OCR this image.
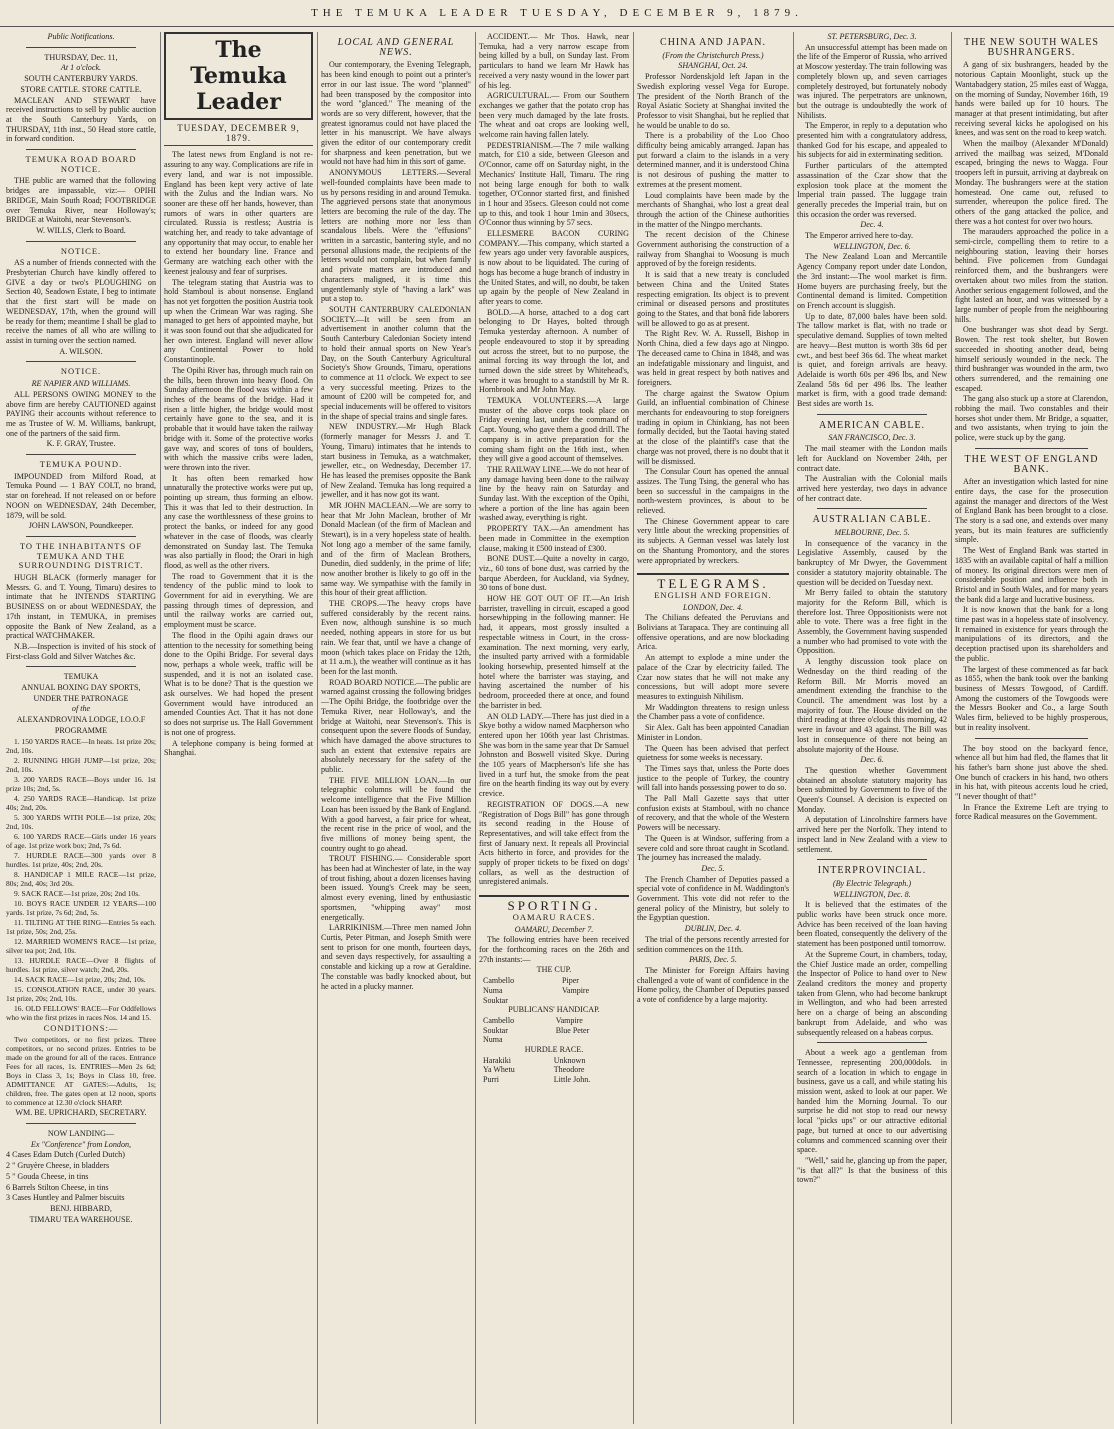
THE TEMUKA LEADER TUESDAY, DECEMBER 9, 1879.

Public Notifications.

THURSDAY, Dec. 11,

At 1 o'clock.

SOUTH CANTERBURY YARDS.

STORE CATTLE. STORE CATTLE.

MACLEAN AND STEWART have received instructions to sell by public auction at the South Canterbury Yards, on THURSDAY, 11th inst., 50 Head store cattle, in forward condition.

TEMUKA ROAD BOARD NOTICE.

THE public are warned that the following bridges are impassable, viz:— OPIHI BRIDGE, Main South Road; FOOTBRIDGE over Temuka River, near Holloway's; BRIDGE at Waitohi, near Stevenson's.

W. WILLS, Clerk to Board.

NOTICE.

AS a number of friends connected with the Presbyterian Church have kindly offered to GIVE a day or two's PLOUGHING on Section 40, Seadown Estate, I beg to intimate that the first start will be made on WEDNESDAY, 17th, when the ground will be ready for them; meantime I shall be glad to receive the names of all who are willing to assist in turning over the section named.

A. WILSON.

NOTICE.

RE NAPIER AND WILLIAMS.

ALL PERSONS OWING MONEY to the above firm are hereby CAUTIONED against PAYING their accounts without reference to me as Trustee of W. M. Williams, bankrupt, one of the partners of the said firm.

K. F. GRAY, Trustee.

TEMUKA POUND.

IMPOUNDED from Milford Road, at Temuka Pound — 1 BAY COLT, no brand, star on forehead. If not released on or before NOON on WEDNESDAY, 24th December, 1879, will be sold.

JOHN LAWSON, Poundkeeper.

TO THE INHABITANTS OF TEMUKA AND THE SURROUNDING DISTRICT.

HUGH BLACK (formerly manager for Messrs. G. and T. Young, Timaru) desires to intimate that he INTENDS STARTING BUSINESS on or about WEDNESDAY, the 17th instant, in TEMUKA, in premises opposite the Bank of New Zealand, as a practical WATCHMAKER.

N.B.—Inspection is invited of his stock of First-class Gold and Silver Watches &c.

TEMUKA

ANNUAL BOXING DAY SPORTS,

UNDER THE PATRONAGE

of the

ALEXANDROVINA LODGE, I.O.O.F

PROGRAMME

1. 150 YARDS RACE—In heats. 1st prize 20s; 2nd, 10s.

2. RUNNING HIGH JUMP—1st prize, 20s; 2nd, 10s.

3. 200 YARDS RACE—Boys under 16. 1st prize 10s; 2nd, 5s.

4. 250 YARDS RACE—Handicap. 1st prize 40s; 2nd, 20s.

5. 300 YARDS WITH POLE—1st prize, 20s; 2nd, 10s.

6. 100 YARDS RACE—Girls under 16 years of age. 1st prize work box; 2nd, 7s 6d.

7. HURDLE RACE—300 yards over 8 hurdles. 1st prize, 40s; 2nd, 20s.

8. HANDICAP 1 MILE RACE—1st prize, 80s; 2nd, 40s; 3rd 20s.

9. SACK RACE—1st prize, 20s; 2nd 10s.

10. BOYS RACE UNDER 12 YEARS—100 yards. 1st prize, 7s 6d; 2nd, 5s.

11. TILTING AT THE RING—Entries 5s each. 1st prize, 50s; 2nd, 25s.

12. MARRIED WOMEN'S RACE—1st prize, silver tea pot; 2nd, 10s.

13. HURDLE RACE—Over 8 flights of hurdles. 1st prize, silver watch; 2nd, 20s.

14. SACK RACE—1st prize, 20s; 2nd, 10s.

15. CONSOLATION RACE, under 30 years. 1st prize, 20s; 2nd, 10s.

16. OLD FELLOWS' RACE—For Oddfellows who win the first prizes in races Nos. 14 and 15.

CONDITIONS:—

Two competitors, or no first prizes. Three competitors, or no second prizes. Entries to be made on the ground for all of the races. Entrance Fees for all races, 1s. ENTRIES—Men 2s 6d; Boys in Class 3, 1s; Boys in Class 10, free. ADMITTANCE AT GATES:—Adults, 1s; children, free. The gates open at 12 noon, sports to commence at 12.30 o'clock SHARP.

WM. BE. UPRICHARD, SECRETARY.

NOW LANDING—

Ex "Conference" from London,

4 Cases Edam Dutch (Curled Dutch)

2 " Gruyère Cheese, in bladders

5 " Gouda Cheese, in tins

6 Barrels Stilton Cheese, in tins

3 Cases Huntley and Palmer biscuits

BENJ. HIBBARD,

TIMARU TEA WAREHOUSE.

The Temuka Leader
TUESDAY, DECEMBER 9, 1879.

The latest news from England is not re-assuring to any way. Complications are rife in every land, and war is not impossible. England has been kept very active of late with the Zulus and the Indian wars. No sooner are these off her hands, however, than rumors of wars in other quarters are circulated. Russia is restless; Austria is watching her, and ready to take advantage of any opportunity that may occur, to enable her to extend her boundary line. France and Germany are watching each other with the keenest jealousy and fear of surprises.

The telegram stating that Austria was to hold Stamboul is about nonsense. England has not yet forgotten the position Austria took up when the Crimean War was raging. She managed to get hers of appointed mayhe, but it was soon found out that she adjudicated for her own interest. England will never allow any Continental Power to hold Constantinople.

The Opihi River has, through much rain on the hills, been thrown into heavy flood. On Sunday afternoon the flood was within a few inches of the beams of the bridge. Had it risen a little higher, the bridge would most certainly have gone to the sea, and it is probable that it would have taken the railway bridge with it. Some of the protective works gave way, and scores of tons of boulders, with which the massive cribs were laden, were thrown into the river.

It has often been remarked how unnaturally the protective works were put up, pointing up stream, thus forming an elbow. This it was that led to their destruction. In any case the worthlessness of these groins to protect the banks, or indeed for any good whatever in the case of floods, was clearly demonstrated on Sunday last. The Temuka was also partially in flood; the Orari in high flood, as well as the other rivers.

The road to Government that it is the tendency of the public mind to look to Government for aid in everything. We are passing through times of depression, and until the railway works are carried out, employment must be scarce.

The flood in the Opihi again draws our attention to the necessity for something being done to the Opihi Bridge. For several days now, perhaps a whole week, traffic will be suspended, and it is not an isolated case. What is to be done? That is the question we ask ourselves. We had hoped the present Government would have introduced an amended Counties Act. That it has not done so does not surprise us. The Hall Government is not one of progress.

A telephone company is being formed at Shanghai.

LOCAL AND GENERAL NEWS.

Our contemporary, the Evening Telegraph, has been kind enough to point out a printer's error in our last issue. The word "planned" had been transposed by the compositor into the word "glanced." The meaning of the words are so very different, however, that the greatest ignoramus could not have placed the letter in his manuscript. We have always given the editor of our contemporary credit for sharpness and keen penetration, but we would not have had him in this sort of game.

ANONYMOUS LETTERS.—Several well-founded complaints have been made to us by persons residing in and around Temuka. The aggrieved persons state that anonymous letters are becoming the rule of the day. The letters are nothing more nor less than scandalous libels. Were the "effusions" written in a sarcastic, bantering style, and no personal allusions made, the recipients of the letters would not complain, but when family and private matters are introduced and characters maligned, it is time this ungentlemanly style of "having a lark" was put a stop to.

SOUTH CANTERBURY CALEDONIAN SOCIETY.—It will be seen from an advertisement in another column that the South Canterbury Caledonian Society intend to hold their annual sports on New Year's Day, on the South Canterbury Agricultural Society's Show Grounds, Timaru, operations to commence at 11 o'clock. We expect to see a very successful meeting. Prizes to the amount of £200 will be competed for, and special inducements will be offered to visitors in the shape of special trains and single fares.

NEW INDUSTRY.—Mr Hugh Black (formerly manager for Messrs J. and T. Young, Timaru) intimates that he intends to start business in Temuka, as a watchmaker, jeweller, etc., on Wednesday, December 17. He has leased the premises opposite the Bank of New Zealand. Temuka has long required a jeweller, and it has now got its want.

MR JOHN MACLEAN.—We are sorry to hear that Mr John Maclean, brother of Mr Donald Maclean (of the firm of Maclean and Stewart), is in a very hopeless state of health. Not long ago a member of the same family, and of the firm of Maclean Brothers, Dunedin, died suddenly, in the prime of life; now another brother is likely to go off in the same way. We sympathise with the family in this hour of their great affliction.

THE CROPS.—The heavy crops have suffered considerably by the recent rains. Even now, although sunshine is so much needed, nothing appears in store for us but rain. We fear that, until we have a change of moon (which takes place on Friday the 12th, at 11 a.m.), the weather will continue as it has been for the last month.

ROAD BOARD NOTICE.—The public are warned against crossing the following bridges—The Opihi Bridge, the footbridge over the Temuka River, near Holloway's, and the bridge at Waitohi, near Stevenson's. This is consequent upon the severe floods of Sunday, which have damaged the above structures to such an extent that extensive repairs are absolutely necessary for the safety of the public.

THE FIVE MILLION LOAN.—In our telegraphic columns will be found the welcome intelligence that the Five Million Loan has been issued by the Bank of England. With a good harvest, a fair price for wheat, the recent rise in the price of wool, and the five millions of money being spent, the country ought to go ahead.

TROUT FISHING.— Considerable sport has been had at Winchester of late, in the way of trout fishing, about a dozen licenses having been issued. Young's Creek may be seen, almost every evening, lined by enthusiastic sportsmen, "whipping away" most energetically.

LARRIKINISM.—Three men named John Curtis, Peter Pitman, and Joseph Smith were sent to prison for one month, fourteen days, and seven days respectively, for assaulting a constable and kicking up a row at Geraldine. The constable was badly knocked about, but he acted in a plucky manner.

ACCIDENT.— Mr Thos. Hawk, near Temuka, had a very narrow escape from being killed by a bull, on Sunday last. From particulars to hand we learn Mr Hawk has received a very nasty wound in the lower part of his leg.

AGRICULTURAL.— From our Southern exchanges we gather that the potato crop has been very much damaged by the late frosts. The wheat and oat crops are looking well, welcome rain having fallen lately.

PEDESTRIANISM.—The 7 mile walking match, for £10 a side, between Gleeson and O'Connor, came off on Saturday night, in the Mechanics' Institute Hall, Timaru. The ring not being large enough for both to walk together, O'Connor started first, and finished in 1 hour and 35secs. Gleeson could not come up to this, and took 1 hour 1min and 30secs, O'Connor thus winning by 57 secs.

ELLESMERE BACON CURING COMPANY.—This company, which started a few years ago under very favorable auspices, is now about to be liquidated. The curing of hogs has become a huge branch of industry in the United States, and will, no doubt, be taken up again by the people of New Zealand in after years to come.

BOLD.—A horse, attached to a dog cart belonging to Dr Hayes, bolted through Temuka yesterday afternoon. A number of people endeavoured to stop it by spreading out across the street, but to no purpose, the animal forcing its way through the lot, and turned down the side street by Whitehead's, where it was brought to a standstill by Mr R. Hornbrook and Mr John May.

TEMUKA VOLUNTEERS.—A large muster of the above corps took place on Friday evening last, under the command of Capt. Young, who gave them a good drill. The company is in active preparation for the coming sham fight on the 16th inst., when they will give a good account of themselves.

THE RAILWAY LINE.—We do not hear of any damage having been done to the railway line by the heavy rain on Saturday and Sunday last. With the exception of the Opihi, where a portion of the line has again been washed away, everything is right.

PROPERTY TAX.—An amendment has been made in Committee in the exemption clause, making it £500 instead of £300.

BONE DUST.—Quite a novelty in cargo, viz., 60 tons of bone dust, was carried by the barque Aberdeen, for Auckland, via Sydney, 30 tons of bone dust.

HOW HE GOT OUT OF IT.—An Irish barrister, travelling in circuit, escaped a good horsewhipping in the following manner: He had, it appears, most grossly insulted a respectable witness in Court, in the cross-examination. The next morning, very early, the insulted party arrived with a formidable looking horsewhip, presented himself at the hotel where the barrister was staying, and having ascertained the number of his bedroom, proceeded there at once, and found the barrister in bed.

AN OLD LADY.—There has just died in a Skye bothy a widow named Macpherson who entered upon her 106th year last Christmas. She was born in the same year that Dr Samuel Johnston and Boswell visited Skye. During the 105 years of Macpherson's life she has lived in a turf hut, the smoke from the peat fire on the hearth finding its way out by every crevice.

REGISTRATION OF DOGS.—A new "Registration of Dogs Bill" has gone through its second reading in the House of Representatives, and will take effect from the first of January next. It repeals all Provincial Acts hitherto in force, and provides for the supply of proper tickets to be fixed on dogs' collars, as well as the destruction of unregistered animals.

SPORTING.

OAMARU RACES.

OAMARU, December 7.

The following entries have been received for the forthcoming races on the 26th and 27th instants:—

THE CUP.

Cambello	Piper
Numa	Vampire
Souktar	

PUBLICANS' HANDICAP.

Cambello	Vampire
Souktar	Blue Peter
Numa	

HURDLE RACE.

Harakiki	Unknown
Ya Whetu	Theodore
Purri	Little John.

CHINA AND JAPAN.

(From the Christchurch Press.)

SHANGHAI, Oct. 24.

Professor Nordenskjold left Japan in the Swedish exploring vessel Vega for Europe. The president of the North Branch of the Royal Asiatic Society at Shanghai invited the Professor to visit Shanghai, but he replied that he would be unable to do so.

There is a probability of the Loo Choo difficulty being amicably arranged. Japan has put forward a claim to the islands in a very determined manner, and it is understood China is not desirous of pushing the matter to extremes at the present moment.

Loud complaints have been made by the merchants of Shanghai, who lost a great deal through the action of the Chinese authorities in the matter of the Ningpo merchants.

The recent decision of the Chinese Government authorising the construction of a railway from Shanghai to Woosung is much approved of by the foreign residents.

It is said that a new treaty is concluded between China and the United States respecting emigration. Its object is to prevent criminal or diseased persons and prostitutes going to the States, and that bonâ fide laborers will be allowed to go as at present.

The Right Rev. W. A. Russell, Bishop in North China, died a few days ago at Ningpo. The deceased came to China in 1848, and was an indefatigable missionary and linguist, and was held in great respect by both natives and foreigners.

The charge against the Swatow Opium Guild, an influential combination of Chinese merchants for endeavouring to stop foreigners trading in opium in Chinkiang, has not been formally decided, but the Taotai having stated at the close of the plaintiff's case that the charge was not proved, there is no doubt that it will be dismissed.

The Consular Court has opened the annual assizes. The Tung Tsing, the general who has been so successful in the campaigns in the north-western provinces, is about to be relieved.

The Chinese Government appear to care very little about the wrecking propensities of its subjects. A German vessel was lately lost on the Shantung Promontory, and the stores were appropriated by wreckers.

TELEGRAMS.

ENGLISH AND FOREIGN.

LONDON, Dec. 4.

The Chilians defeated the Peruvians and Bolivians at Tarapaca. They are continuing all offensive operations, and are now blockading Arica.

An attempt to explode a mine under the palace of the Czar by electricity failed. The Czar now states that he will not make any concessions, but will adopt more severe measures to extinguish Nihilism.

Mr Waddington threatens to resign unless the Chamber pass a vote of confidence.

Sir Alex. Galt has been appointed Canadian Minister in London.

The Queen has been advised that perfect quietness for some weeks is necessary.

The Times says that, unless the Porte does justice to the people of Turkey, the country will fall into hands possessing power to do so.

The Pall Mall Gazette says that utter confusion exists at Stamboul, with no chance of recovery, and that the whole of the Western Powers will be necessary.

The Queen is at Windsor, suffering from a severe cold and sore throat caught in Scotland. The journey has increased the malady.

Dec. 5.

The French Chamber of Deputies passed a special vote of confidence in M. Waddington's Government. This vote did not refer to the general policy of the Ministry, but solely to the Egyptian question.

DUBLIN, Dec. 4.

The trial of the persons recently arrested for sedition commences on the 11th.

PARIS, Dec. 5.

The Minister for Foreign Affairs having challenged a vote of want of confidence in the Home policy, the Chamber of Deputies passed a vote of confidence by a large majority.

ST. PETERSBURG, Dec. 3.

An unsuccessful attempt has been made on the life of the Emperor of Russia, who arrived at Moscow yesterday. The train following was completely blown up, and seven carriages completely destroyed, but fortunately nobody was injured. The perpetrators are unknown, but the outrage is undoubtedly the work of Nihilists.

The Emperor, in reply to a deputation who presented him with a congratulatory address, thanked God for his escape, and appealed to his subjects for aid in exterminating sedition.

Further particulars of the attempted assassination of the Czar show that the explosion took place at the moment the Imperial train passed. The luggage train generally precedes the Imperial train, but on this occasion the order was reversed.

Dec. 4.

The Emperor arrived here to-day.

WELLINGTON, Dec. 6.

The New Zealand Loan and Mercantile Agency Company report under date London, the 3rd instant:—The wool market is firm. Home buyers are purchasing freely, but the Continental demand is limited. Competition on French account is sluggish.

Up to date, 87,000 bales have been sold. The tallow market is flat, with no trade or speculative demand. Supplies of town melted are heavy—Best mutton is worth 38s 6d per cwt., and best beef 36s 6d. The wheat market is quiet, and foreign arrivals are heavy. Adelaide is worth 60s per 496 lbs, and New Zealand 58s 6d per 496 lbs. The leather market is firm, with a good trade demand: Best sides are worth 1s.

AMERICAN CABLE.

SAN FRANCISCO, Dec. 3.

The mail steamer with the London mails left for Auckland on November 24th, per contract date.

The Australian with the Colonial mails arrived here yesterday, two days in advance of her contract date.

AUSTRALIAN CABLE.

MELBOURNE, Dec. 5.

In consequence of the vacancy in the Legislative Assembly, caused by the bankruptcy of Mr Dwyer, the Government consider a statutory majority obtainable. The question will be decided on Tuesday next.

Mr Berry failed to obtain the statutory majority for the Reform Bill, which is therefore lost. Three Oppositionists were not able to vote. There was a free fight in the Assembly, the Government having suspended a number who had promised to vote with the Opposition.

A lengthy discussion took place on Wednesday on the third reading of the Reform Bill. Mr Morris moved an amendment extending the franchise to the Council. The amendment was lost by a majority of four. The House divided on the third reading at three o'clock this morning, 42 were in favour and 43 against. The Bill was lost in consequence of there not being an absolute majority of the House.

Dec. 6.

The question whether Government obtained an absolute statutory majority has been submitted by Government to five of the Queen's Counsel. A decision is expected on Monday.

A deputation of Lincolnshire farmers have arrived here per the Norfolk. They intend to inspect land in New Zealand with a view to settlement.

INTERPROVINCIAL.

(By Electric Telegraph.)

WELLINGTON, Dec. 8.

It is believed that the estimates of the public works have been struck once more. Advice has been received of the loan having been floated, consequently the delivery of the statement has been postponed until tomorrow.

At the Supreme Court, in chambers, today, the Chief Justice made an order, compelling the Inspector of Police to hand over to New Zealand creditors the money and property taken from Glenn, who had become bankrupt in Wellington, and who had been arrested here on a charge of being an absconding bankrupt from Adelaide, and who was subsequently released on a habeas corpus.

About a week ago a gentleman from Tennessee, representing 200,000dols. in search of a location in which to engage in business, gave us a call, and while stating his mission went, asked to look at our paper. We handed him the Morning Journal. To our surprise he did not stop to read our newsy local "picks ups" or our attractive editorial page, but turned at once to our advertising columns and commenced scanning over their space.

"Well," said he, glancing up from the paper, "is that all?" Is that the business of this town?"

THE NEW SOUTH WALES

BUSHRANGERS.

A gang of six bushrangers, headed by the notorious Captain Moonlight, stuck up the Wantabadgery station, 25 miles east of Wagga, on the morning of Sunday, November 16th, 19 hands were bailed up for 10 hours. The manager at that present intimidating, but after receiving several kicks he apologised on his knees, and was sent on the road to keep watch.

When the mailboy (Alexander M'Donald) arrived the mailbag was seized, M'Donald escaped, bringing the news to Wagga. Four troopers left in pursuit, arriving at daybreak on Monday. The bushrangers were at the station homestead. One came out, refused to surrender, whereupon the police fired. The others of the gang attacked the police, and there was a hot contest for over two hours.

The marauders approached the police in a semi-circle, compelling them to retire to a neighbouring station, leaving their horses behind. Five policemen from Gundagai reinforced them, and the bushrangers were overtaken about two miles from the station. Another serious engagement followed, and the fight lasted an hour, and was witnessed by a large number of people from the neighbouring hills.

One bushranger was shot dead by Sergt. Bowen. The rest took shelter, but Bowen succeeded in shooting another dead, being himself seriously wounded in the neck. The third bushranger was wounded in the arm, two others surrendered, and the remaining one escaped.

The gang also stuck up a store at Clarendon, robbing the mail. Two constables and their horses shot under them. Mr Bridge, a squatter, and two assistants, when trying to join the police, were stuck up by the gang.

THE WEST OF ENGLAND BANK.

After an investigation which lasted for nine entire days, the case for the prosecution against the manager and directors of the West of England Bank has been brought to a close. The story is a sad one, and extends over many years, but its main features are sufficiently simple.

The West of England Bank was started in 1835 with an available capital of half a million of money. Its original directors were men of considerable position and influence both in Bristol and in South Wales, and for many years the bank did a large and lucrative business.

It is now known that the bank for a long time past was in a hopeless state of insolvency. It remained in existence for years through the manipulations of its directors, and the deception practised upon its shareholders and the public.

The largest of these commenced as far back as 1855, when the bank took over the banking business of Messrs Towgood, of Cardiff. Among the customers of the Towgoods were the Messrs Booker and Co., a large South Wales firm, believed to be highly prosperous, but in reality insolvent.

The boy stood on the backyard fence, whence all but him had fled, the flames that lit his father's barn shone just above the shed. One bunch of crackers in his hand, two others in his hat, with piteous accents loud he cried, "I never thought of that!"

In France the Extreme Left are trying to force Radical measures on the Government.
